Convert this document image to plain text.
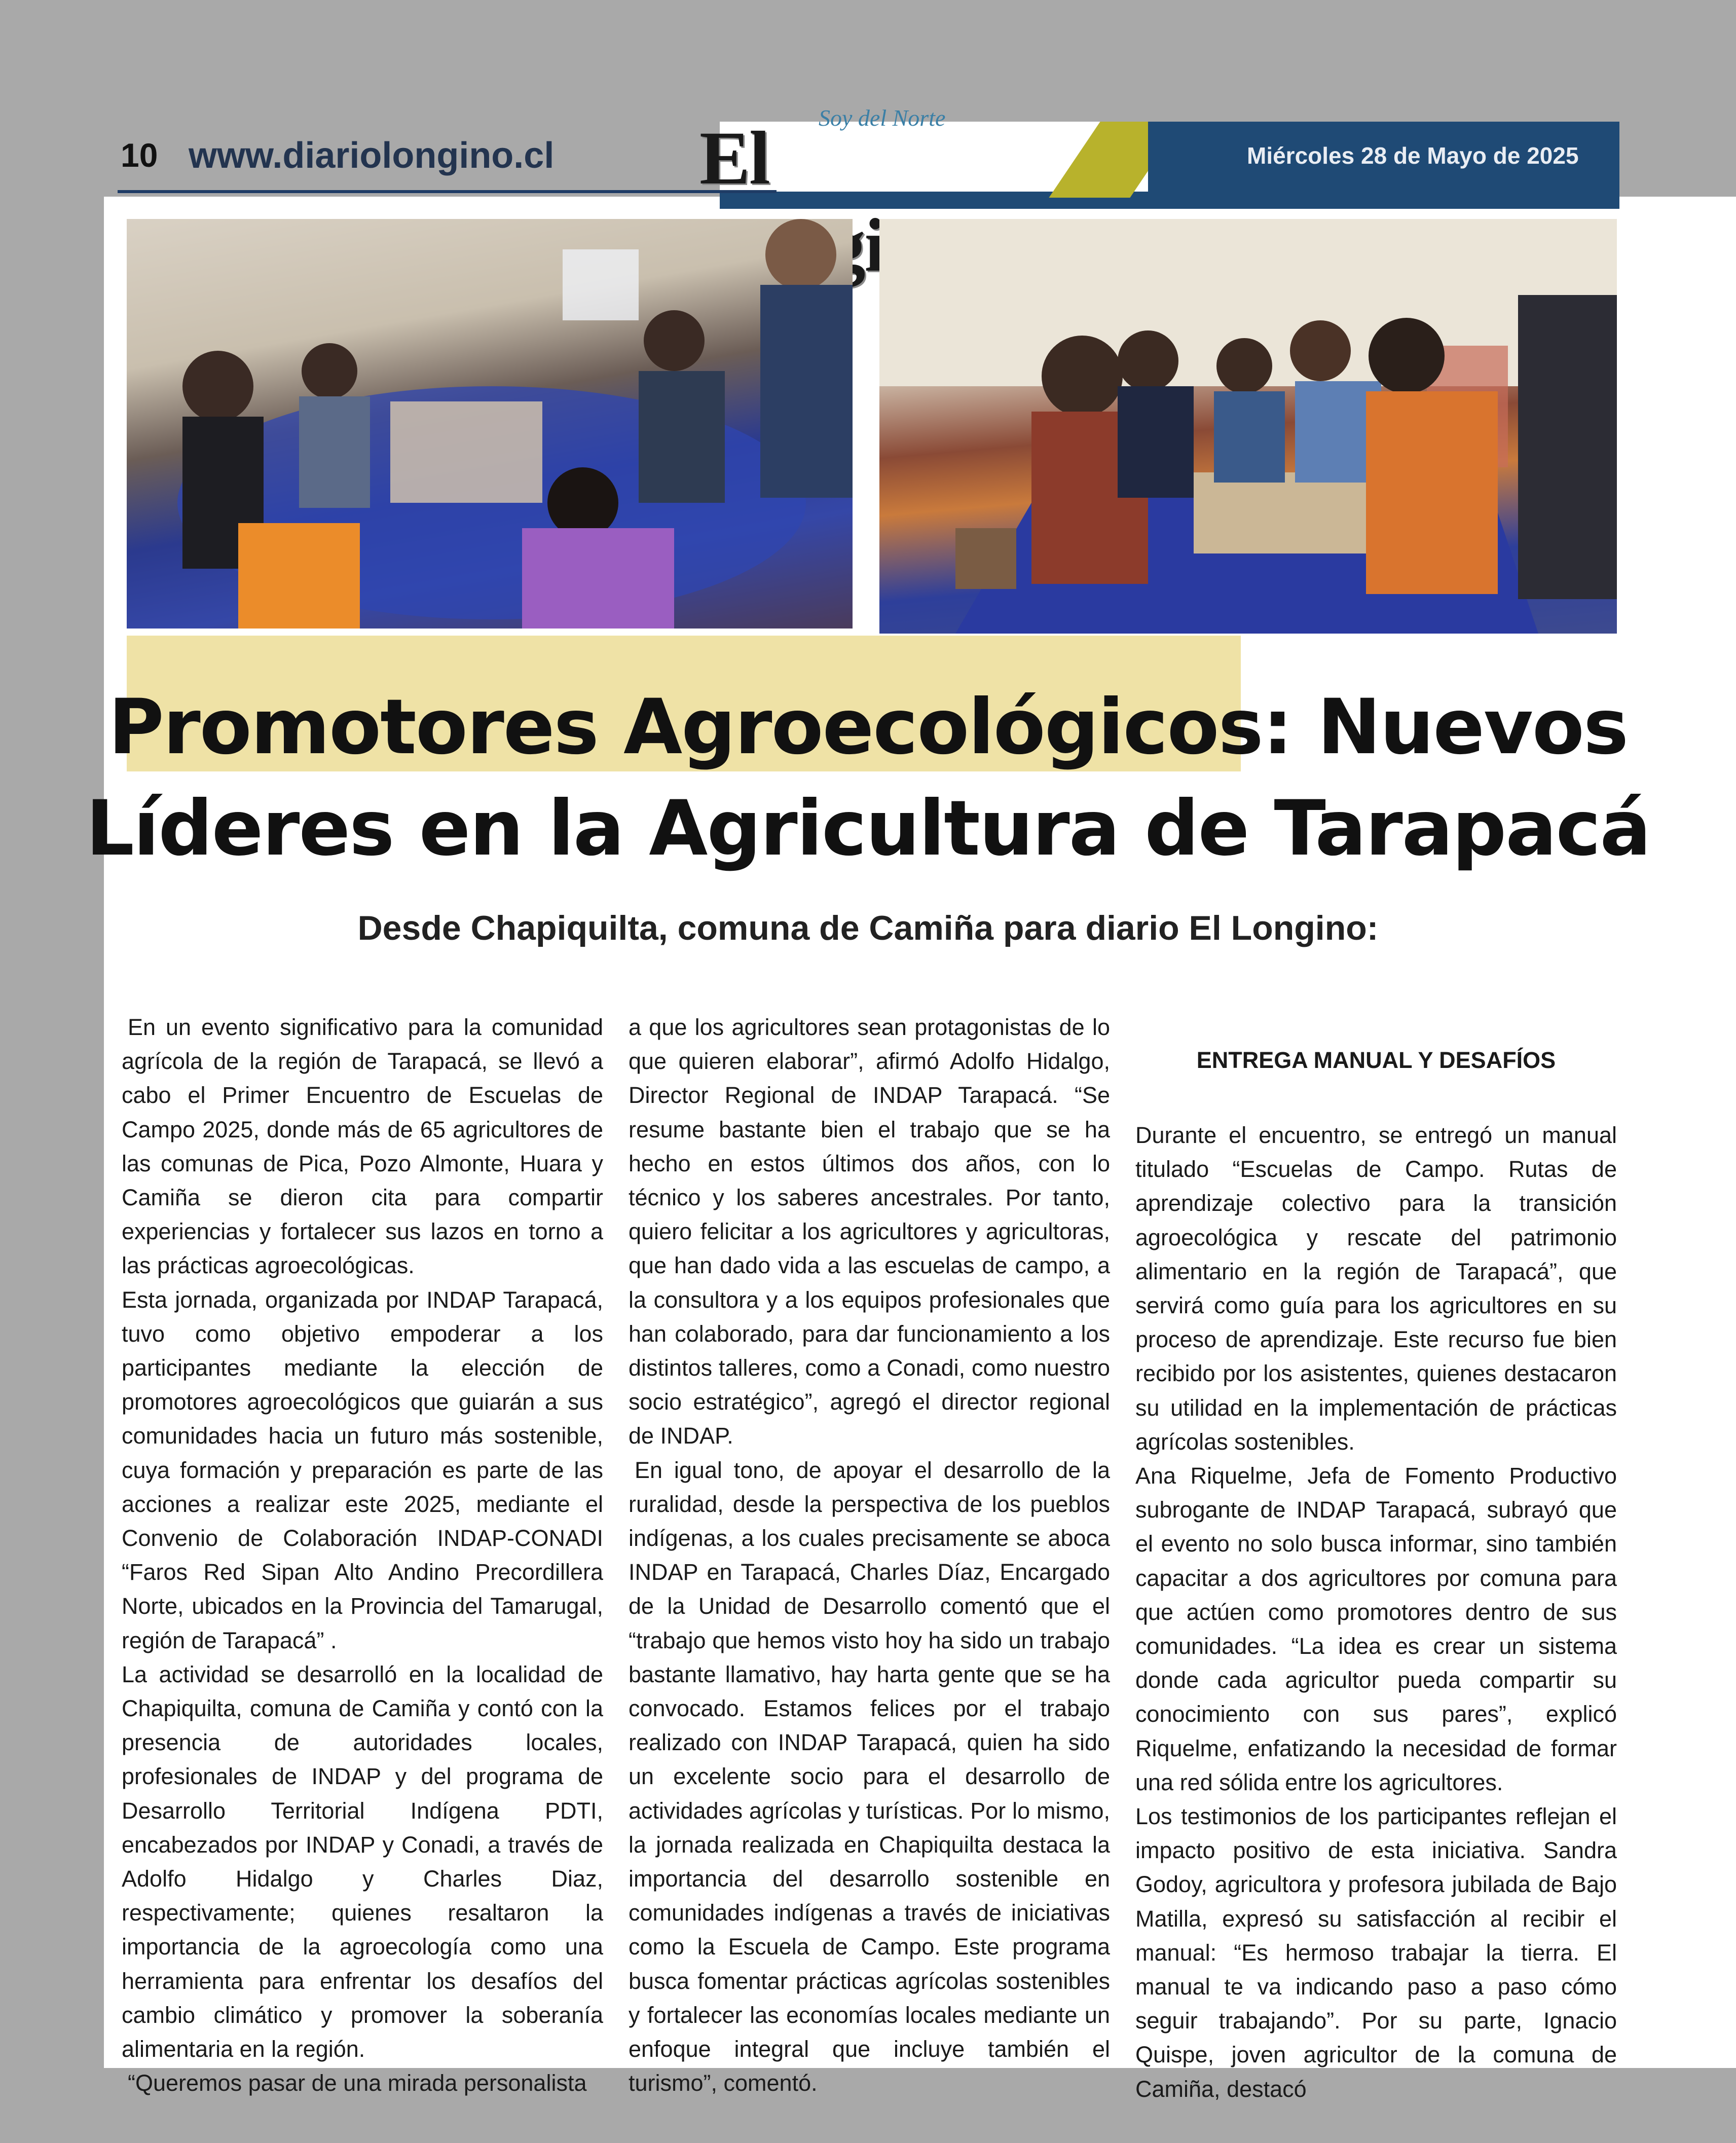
10 www.diariolongino.cl
Soy del Norte
El	Miércoles 28 de Mayo de 2025
Promotores Agroecológicos: Nuevos
Líderes en la Agricultura de Tarapacá
Desde Chapiquilta, comuna de Camiña para diario El Longino:

En un evento significativo para la comunidad agrícola de la región de Tarapacá, se llevó a cabo el Primer Encuentro de Escuelas de Campo 2025, donde más de 65 agricultores de las comunas de Pica, Pozo Almonte, Huara y Camiña se dieron cita para compartir experiencias y fortalecer sus lazos en torno a las prácticas agroecológicas.

Esta jornada, organizada por INDAP Tarapacá, tuvo como objetivo empoderar a los participantes mediante la elección de promotores agroecológicos que guiarán a sus comunidades hacia un futuro más sostenible, cuya formación y preparación es parte de las acciones a realizar este 2025, mediante el Convenio de Colaboración INDAP-CONADI “Faros Red Sipan Alto Andino Precordillera Norte, ubicados en la Provincia del Tamarugal, región de Tarapacá” .

La actividad se desarrolló en la localidad de Chapiquilta, comuna de Camiña y contó con la presencia de autoridades locales, profesionales de INDAP y del programa de Desarrollo Territorial Indígena PDTI, encabezados por INDAP y Conadi, a través de Adolfo Hidalgo y Charles Diaz, respectivamente; quienes resaltaron la importancia de la agroecología como una herramienta para enfrentar los desafíos del cambio climático y promover la soberanía alimentaria en la región.

“Queremos pasar de una mirada personalista

a que los agricultores sean protagonistas de lo que quieren elaborar”, afirmó Adolfo Hidalgo, Director Regional de INDAP Tarapacá. “Se resume bastante bien el trabajo que se ha hecho en estos últimos dos años, con lo técnico y los saberes ancestrales. Por tanto, quiero felicitar a los agricultores y agricultoras, que han dado vida a las escuelas de campo, a la consultora y a los equipos profesionales que han colaborado, para dar funcionamiento a los distintos talleres, como a Conadi, como nuestro socio estratégico”, agregó el director regional de INDAP.

En igual tono, de apoyar el desarrollo de la ruralidad, desde la perspectiva de los pueblos indígenas, a los cuales precisamente se aboca INDAP en Tarapacá, Charles Díaz, Encargado de la Unidad de Desarrollo comentó que el “trabajo que hemos visto hoy ha sido un trabajo bastante llamativo, hay harta gente que se ha convocado. Estamos felices por el trabajo realizado con INDAP Tarapacá, quien ha sido un excelente socio para el desarrollo de actividades agrícolas y turísticas. Por lo mismo, la jornada realizada en Chapiquilta destaca la importancia del desarrollo sostenible en comunidades indígenas a través de iniciativas como la Escuela de Campo. Este programa busca fomentar prácticas agrícolas sostenibles y fortalecer las economías locales mediante un enfoque integral que incluye también el turismo”, comentó.

ENTREGA MANUAL Y DESAFÍOS

Durante el encuentro, se entregó un manual titulado “Escuelas de Campo. Rutas de aprendizaje colectivo para la transición agroecológica y rescate del patrimonio alimentario en la región de Tarapacá”, que servirá como guía para los agricultores en su proceso de aprendizaje. Este recurso fue bien recibido por los asistentes, quienes destacaron su utilidad en la implementación de prácticas agrícolas sostenibles.

Ana Riquelme, Jefa de Fomento Productivo subrogante de INDAP Tarapacá, subrayó que el evento no solo busca informar, sino también capacitar a dos agricultores por comuna para que actúen como promotores dentro de sus comunidades. “La idea es crear un sistema donde cada agricultor pueda compartir su conocimiento con sus pares”, explicó Riquelme, enfatizando la necesidad de formar una red sólida entre los agricultores.

Los testimonios de los participantes reflejan el impacto positivo de esta iniciativa. Sandra Godoy, agricultora y profesora jubilada de Bajo Matilla, expresó su satisfacción al recibir el manual: “Es hermoso trabajar la tierra. El manual te va indicando paso a paso cómo seguir trabajando”. Por su parte, Ignacio Quispe, joven agricultor de la comuna de Camiña, destacó
